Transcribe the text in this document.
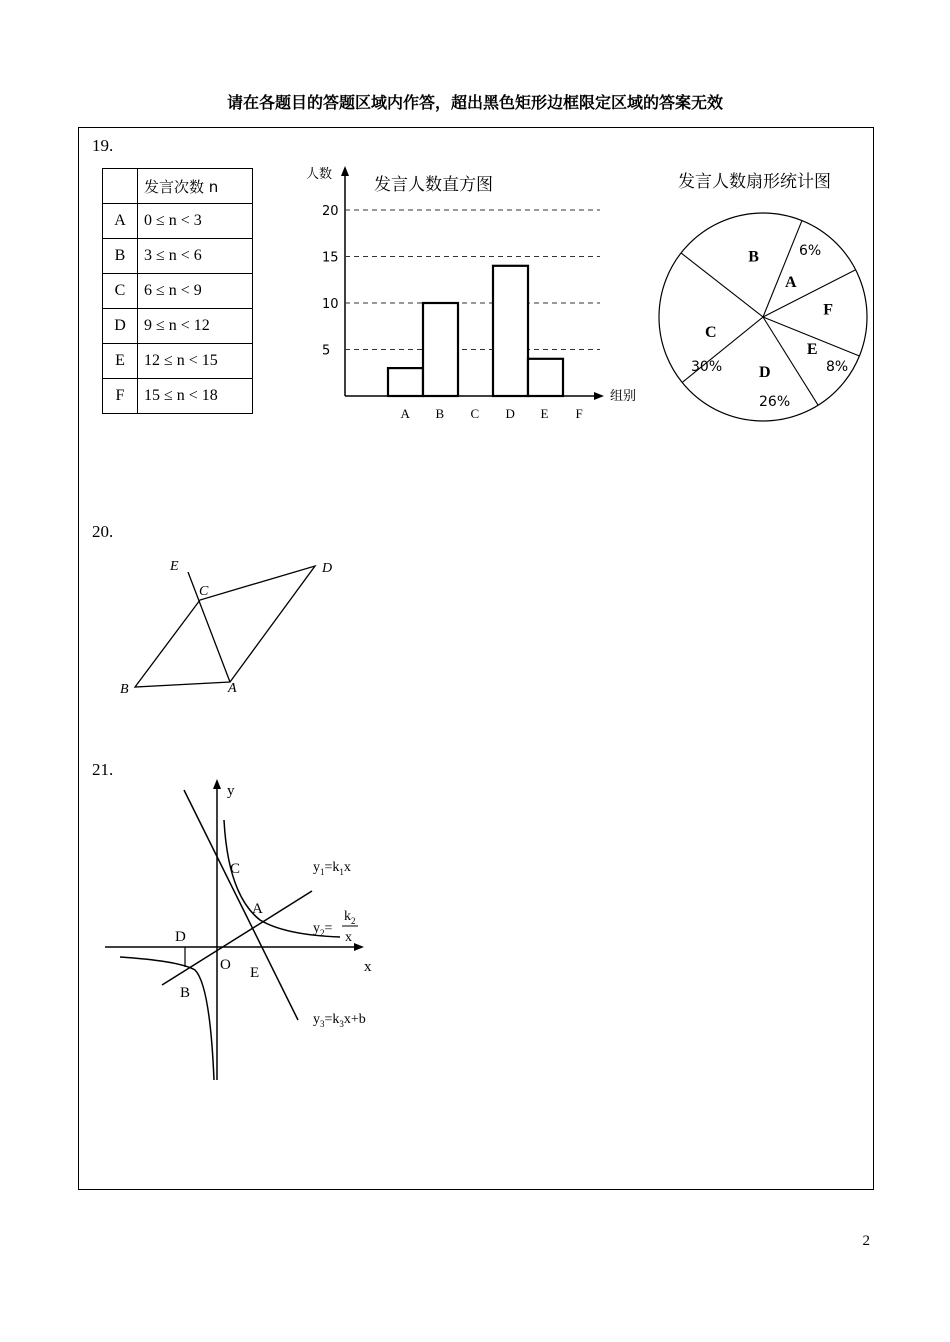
请在各题目的答题区域内作答，超出黑色矩形边框限定区域的答案无效
19.
	发言次数 n
A	0 ≤ n < 3
B	3 ≤ n < 6
C	6 ≤ n < 9
D	9 ≤ n < 12
E	12 ≤ n < 15
F	15 ≤ n < 18
发言人数直方图
人数
组别
5
10
15
20
A B C D E F
发言人数扇形统计图
A
6%
F
E
8%
D
26%
C
30%
B
20.
E
C
D
B	A
21.
y
x
C
A
D
O E
B
$y_1=k_1x$
$y_2=$
$k_2$
x
$y_3=k_3x+b$
2
